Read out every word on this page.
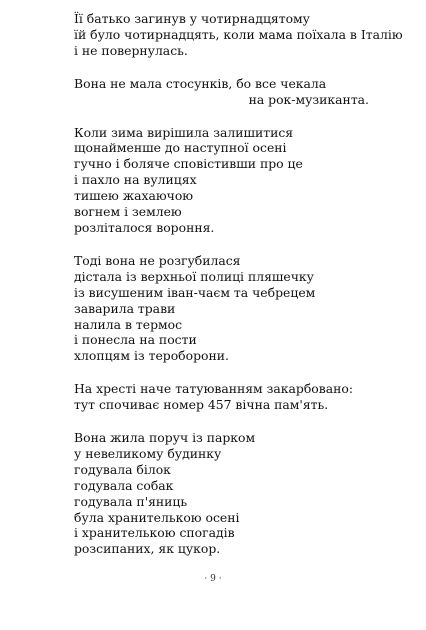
Її батько загинув у чотирнадцятому
їй було чотирнадцять, коли мама поїхала в Італію
і не повернулась.
Вона не мала стосунків, бо все чекала
на рок-музиканта.
Коли зима вирішила залишитися
щонайменше до наступної осені
гучно і боляче сповістивши про це
і пахло на вулицях
тишею жахаючою
вогнем і землею
розліталося вороння.
Тоді вона не розгубилася
дістала із верхньої полиці пляшечку
із висушеним іван-чаєм та чебрецем
заварила трави
налила в термос
і понесла на пости
хлопцям із тероборони.
На хресті наче татуюванням закарбовано:
тут спочиває номер 457 вічна пам'ять.
Вона жила поруч із парком
у невеликому будинку
годувала білок
годувала собак
годувала п'яниць
була хранителькою осені
і хранителькою спогадів
розсипаних, як цукор.
· 9 ·
